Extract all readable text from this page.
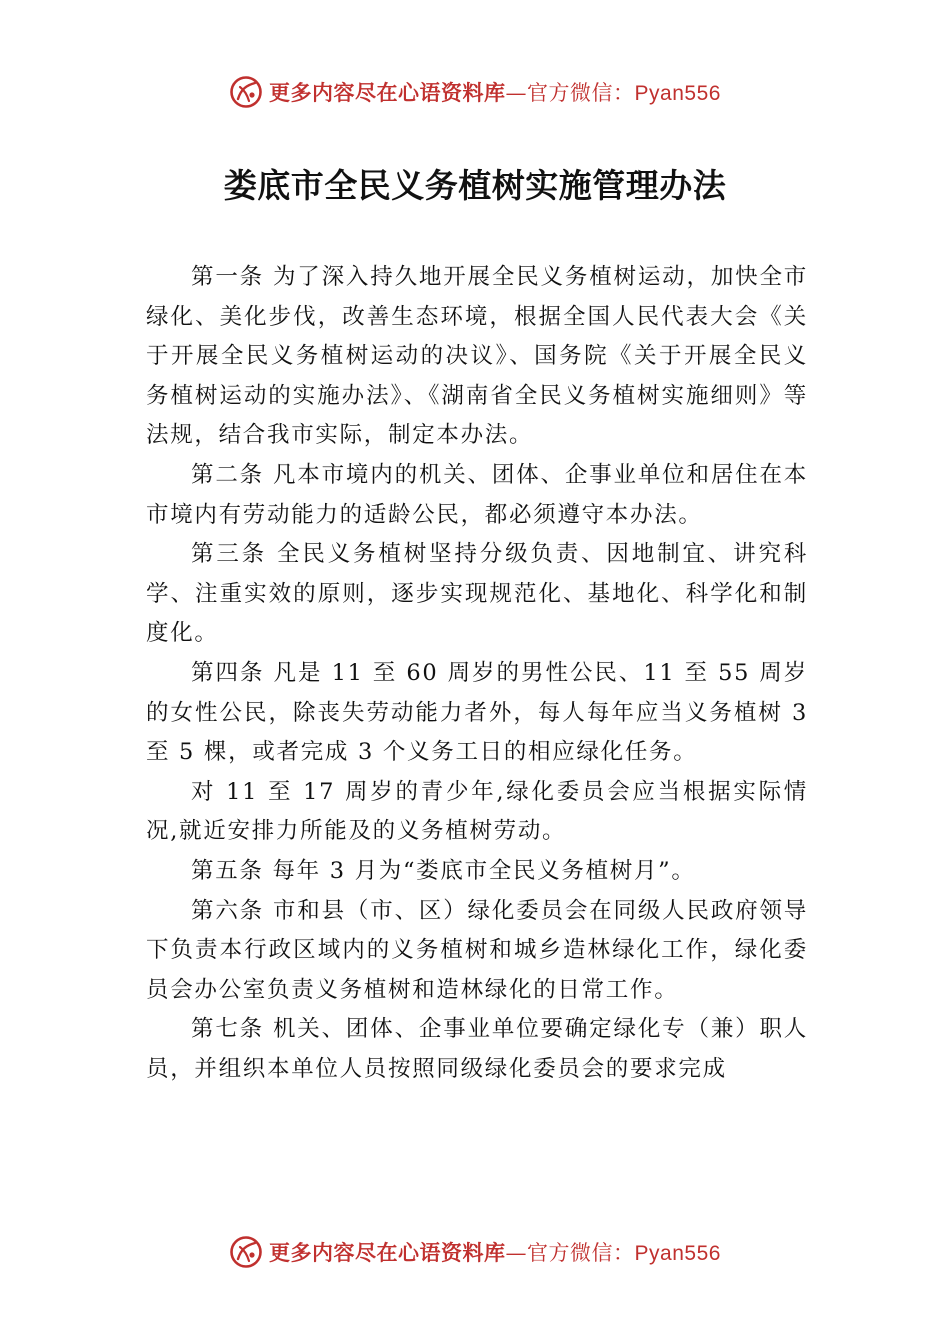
更多内容尽在心语资料库—官方微信：Pyan556
娄底市全民义务植树实施管理办法

第一条 为了深入持久地开展全民义务植树运动，加快全市绿化、美化步伐，改善生态环境，根据全国人民代表大会《关于开展全民义务植树运动的决议》、国务院《关于开展全民义务植树运动的实施办法》、《湖南省全民义务植树实施细则》等法规，结合我市实际，制定本办法。

第二条 凡本市境内的机关、团体、企事业单位和居住在本市境内有劳动能力的适龄公民，都必须遵守本办法。

第三条 全民义务植树坚持分级负责、因地制宜、讲究科学、注重实效的原则，逐步实现规范化、基地化、科学化和制度化。

第四条 凡是 11 至 60 周岁的男性公民、11 至 55 周岁的女性公民，除丧失劳动能力者外，每人每年应当义务植树 3 至 5 棵，或者完成 3 个义务工日的相应绿化任务。

对 11 至 17 周岁的青少年,绿化委员会应当根据实际情况,就近安排力所能及的义务植树劳动。

第五条 每年 3 月为“娄底市全民义务植树月”。

第六条 市和县（市、区）绿化委员会在同级人民政府领导下负责本行政区域内的义务植树和城乡造林绿化工作，绿化委员会办公室负责义务植树和造林绿化的日常工作。

第七条 机关、团体、企事业单位要确定绿化专（兼）职人员，并组织本单位人员按照同级绿化委员会的要求完成

更多内容尽在心语资料库—官方微信：Pyan556
